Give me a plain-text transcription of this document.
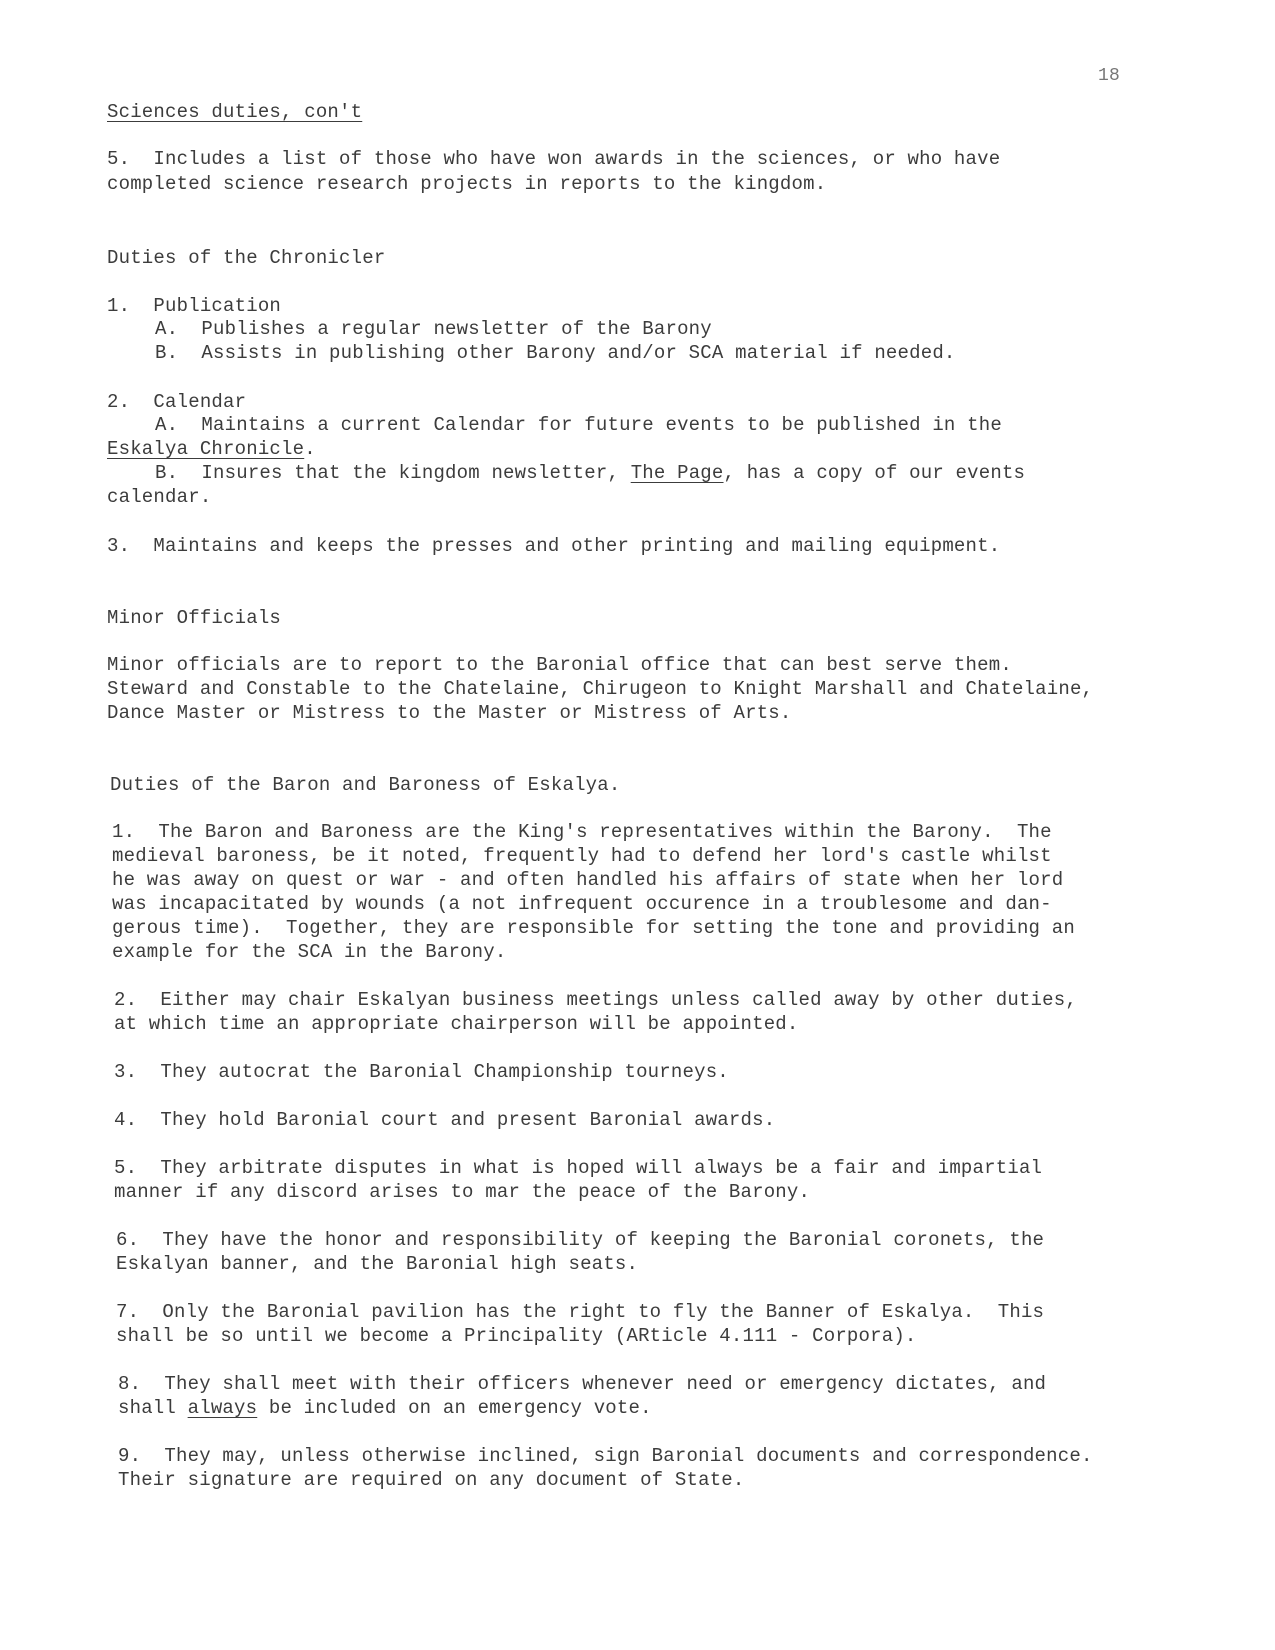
18
Sciences duties, con't
5.  Includes a list of those who have won awards in the sciences, or who have
completed science research projects in reports to the kingdom.
Duties of the Chronicler
1.  Publication
A.  Publishes a regular newsletter of the Barony
B.  Assists in publishing other Barony and/or SCA material if needed.
2.  Calendar
A.  Maintains a current Calendar for future events to be published in the
Eskalya Chronicle.
B.  Insures that the kingdom newsletter, The Page, has a copy of our events
calendar.
3.  Maintains and keeps the presses and other printing and mailing equipment.
Minor Officials
Minor officials are to report to the Baronial office that can best serve them.
Steward and Constable to the Chatelaine, Chirugeon to Knight Marshall and Chatelaine,
Dance Master or Mistress to the Master or Mistress of Arts.
Duties of the Baron and Baroness of Eskalya.
1.  The Baron and Baroness are the King's representatives within the Barony.  The
medieval baroness, be it noted, frequently had to defend her lord's castle whilst
he was away on quest or war - and often handled his affairs of state when her lord
was incapacitated by wounds (a not infrequent occurence in a troublesome and dan-
gerous time).  Together, they are responsible for setting the tone and providing an
example for the SCA in the Barony.
2.  Either may chair Eskalyan business meetings unless called away by other duties,
at which time an appropriate chairperson will be appointed.
3.  They autocrat the Baronial Championship tourneys.
4.  They hold Baronial court and present Baronial awards.
5.  They arbitrate disputes in what is hoped will always be a fair and impartial
manner if any discord arises to mar the peace of the Barony.
6.  They have the honor and responsibility of keeping the Baronial coronets, the
Eskalyan banner, and the Baronial high seats.
7.  Only the Baronial pavilion has the right to fly the Banner of Eskalya.  This
shall be so until we become a Principality (ARticle 4.111 - Corpora).
8.  They shall meet with their officers whenever need or emergency dictates, and
shall always be included on an emergency vote.
9.  They may, unless otherwise inclined, sign Baronial documents and correspondence.
Their signature are required on any document of State.
